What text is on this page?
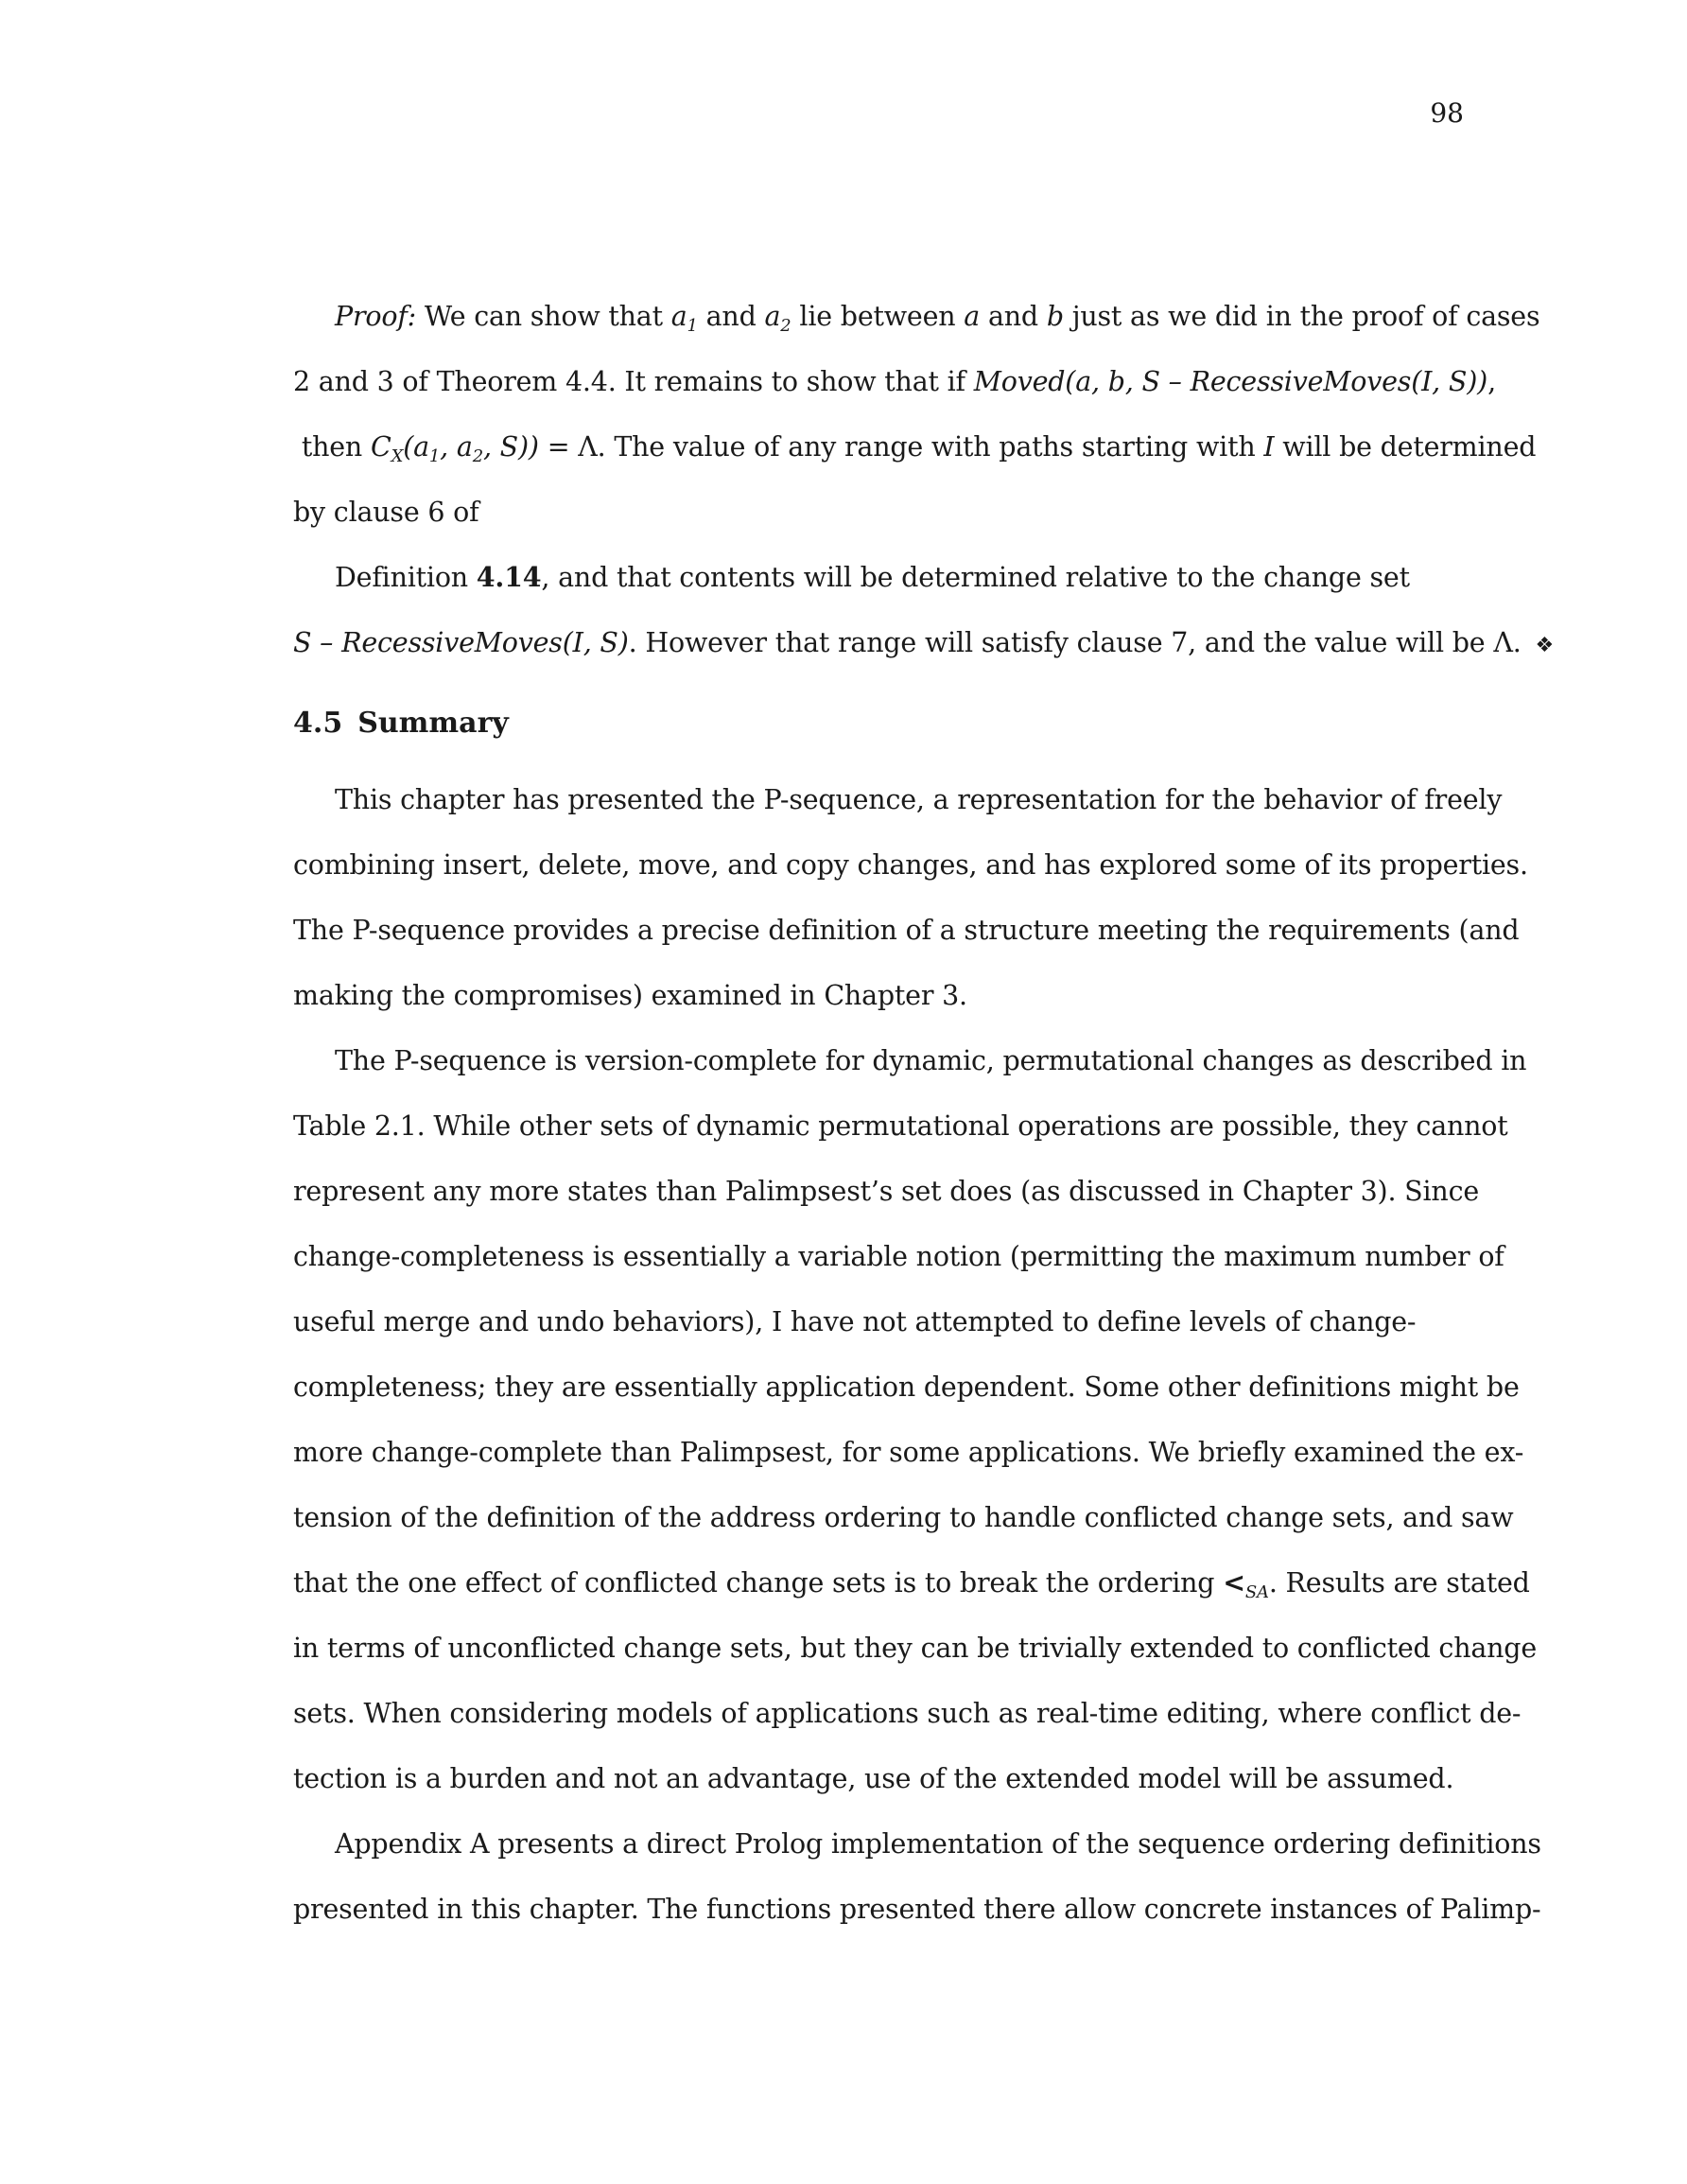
98
Proof: We can show that $a_1$ and $a_2$ lie between a and b just as we did in the proof of cases
2 and 3 of Theorem 4.4. It remains to show that if Moved(a, b, S – RecessiveMoves(I, S)),
then $C_X(a_1$, $a_2$, S)) = Λ. The value of any range with paths starting with I will be determined
by clause 6 of
Definition 4.14, and that contents will be determined relative to the change set
S – RecessiveMoves(I, S). However that range will satisfy clause 7, and the value will be Λ. ❖
4.5 Summary
This chapter has presented the P-sequence, a representation for the behavior of freely
combining insert, delete, move, and copy changes, and has explored some of its properties.
The P-sequence provides a precise definition of a structure meeting the requirements (and
making the compromises) examined in Chapter 3.
The P-sequence is version-complete for dynamic, permutational changes as described in
Table 2.1. While other sets of dynamic permutational operations are possible, they cannot
represent any more states than Palimpsest’s set does (as discussed in Chapter 3). Since
change-completeness is essentially a variable notion (permitting the maximum number of
useful merge and undo behaviors), I have not attempted to define levels of change-
completeness; they are essentially application dependent. Some other definitions might be
more change-complete than Palimpsest, for some applications. We briefly examined the ex-
tension of the definition of the address ordering to handle conflicted change sets, and saw
that the one effect of conflicted change sets is to break the ordering $<_{SA}$. Results are stated
in terms of unconflicted change sets, but they can be trivially extended to conflicted change
sets. When considering models of applications such as real-time editing, where conflict de-
tection is a burden and not an advantage, use of the extended model will be assumed.
Appendix A presents a direct Prolog implementation of the sequence ordering definitions
presented in this chapter. The functions presented there allow concrete instances of Palimp-
